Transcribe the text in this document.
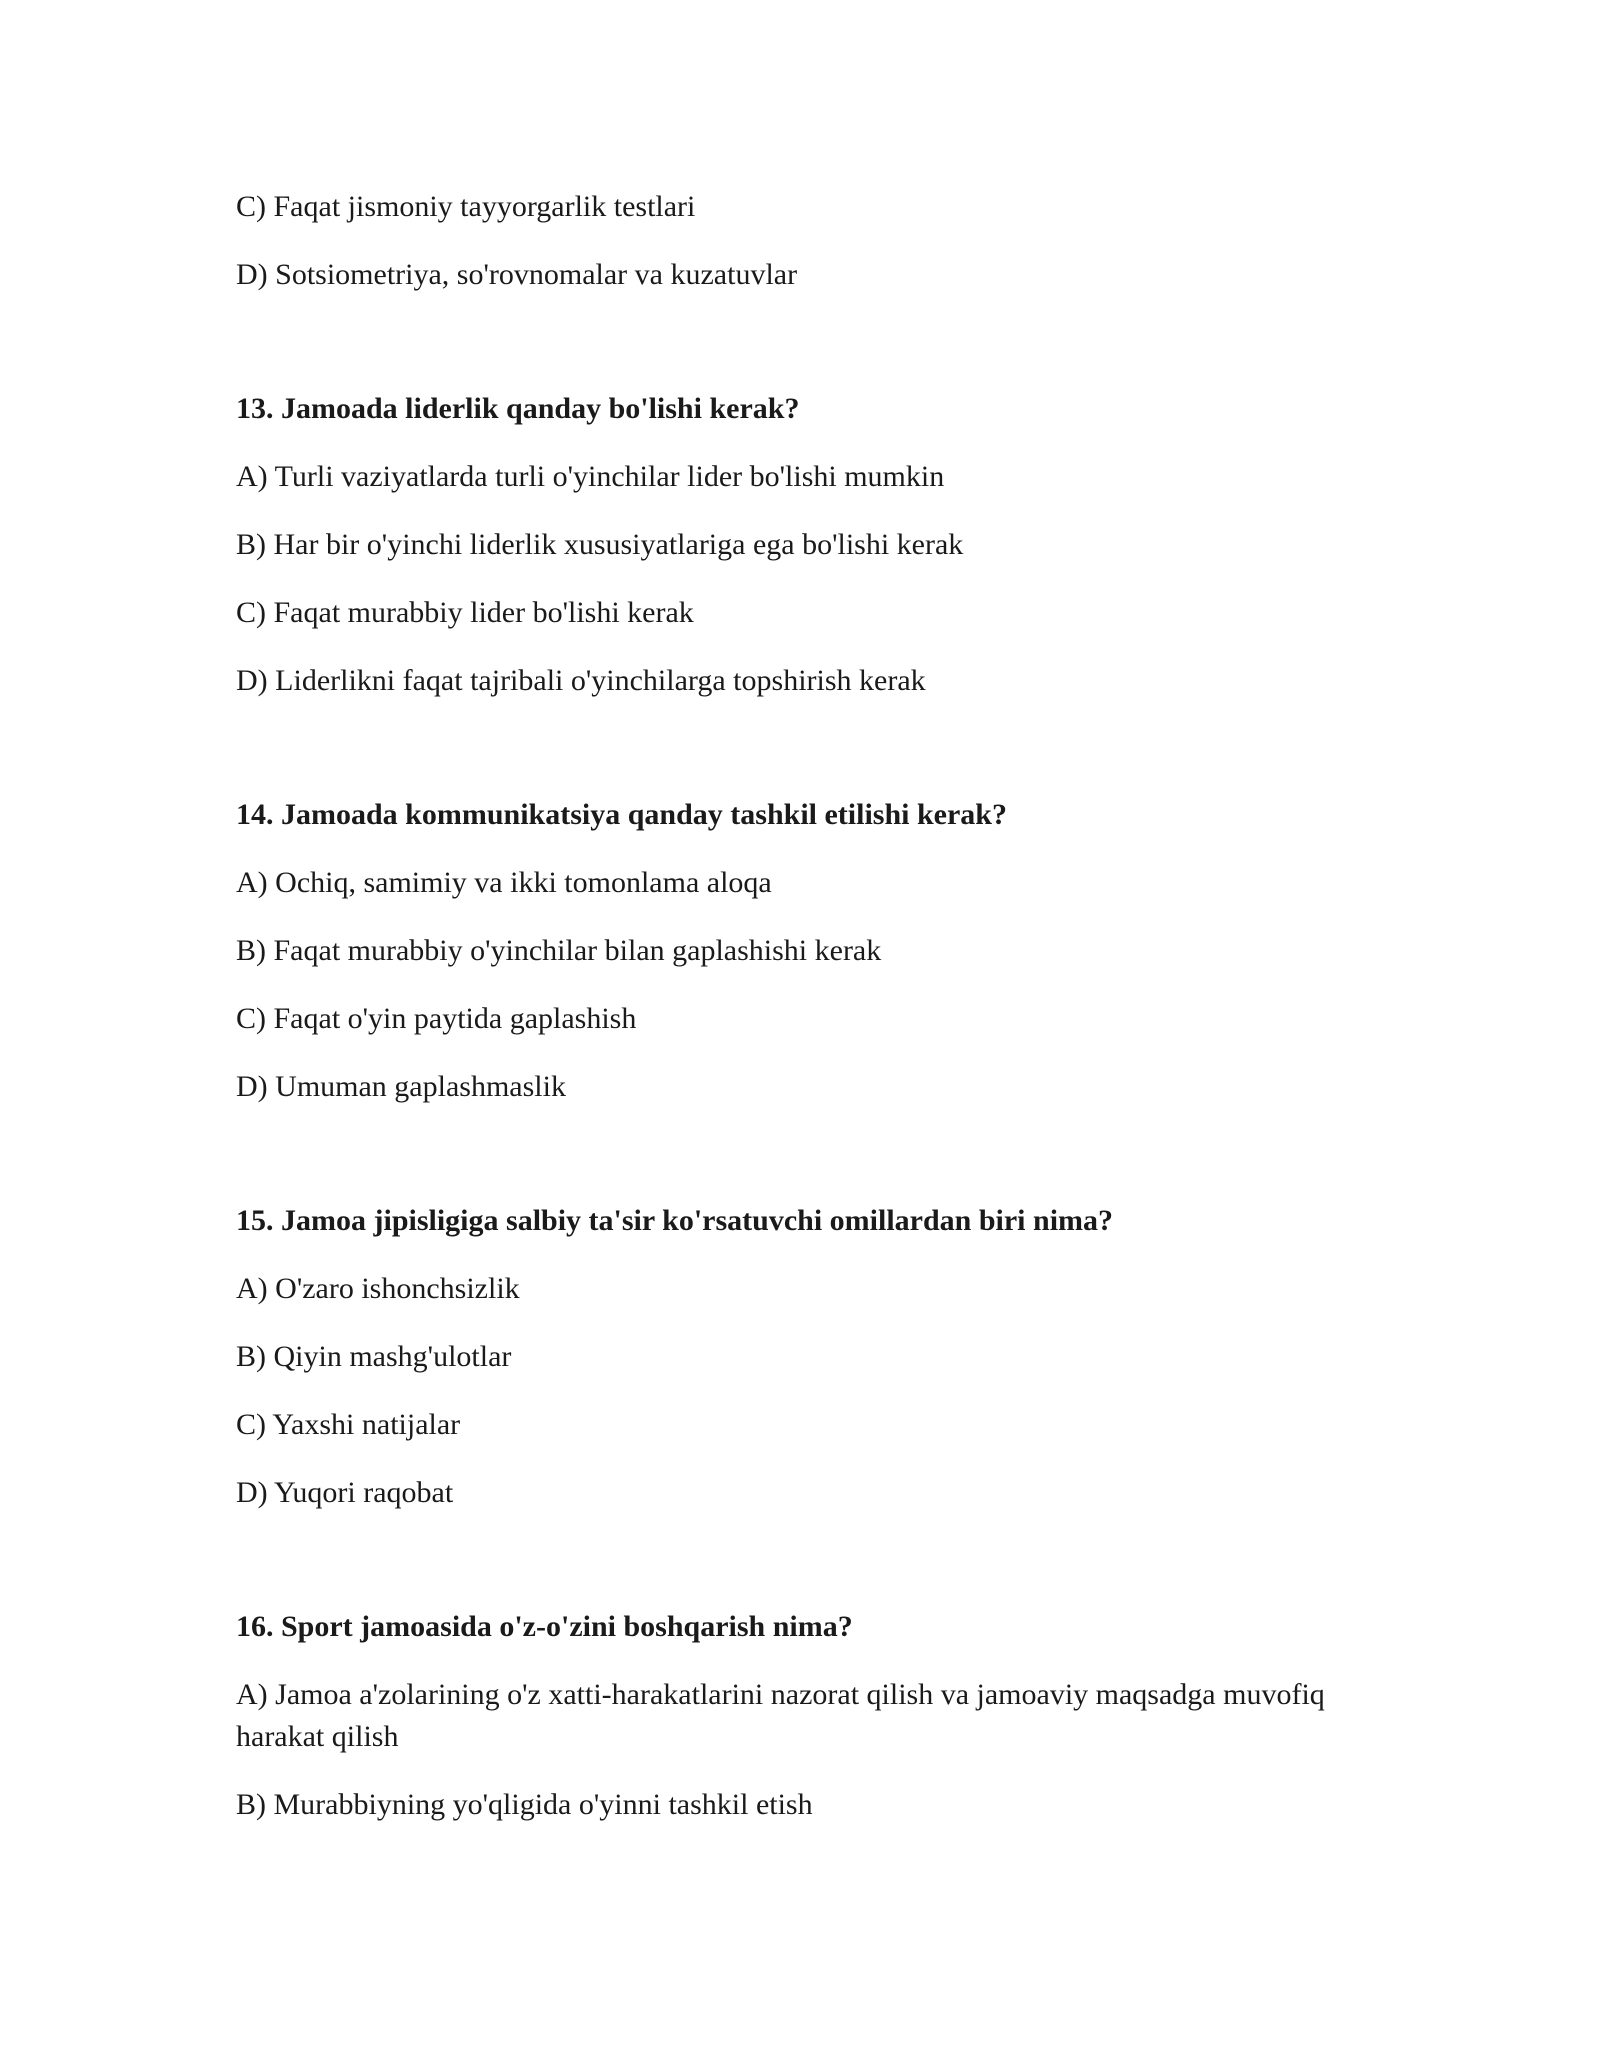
C) Faqat jismoniy tayyorgarlik testlari

D) Sotsiometriya, so'rovnomalar va kuzatuvlar

13. Jamoada liderlik qanday bo'lishi kerak?

A) Turli vaziyatlarda turli o'yinchilar lider bo'lishi mumkin

B) Har bir o'yinchi liderlik xususiyatlariga ega bo'lishi kerak

C) Faqat murabbiy lider bo'lishi kerak

D) Liderlikni faqat tajribali o'yinchilarga topshirish kerak

14. Jamoada kommunikatsiya qanday tashkil etilishi kerak?

A) Ochiq, samimiy va ikki tomonlama aloqa

B) Faqat murabbiy o'yinchilar bilan gaplashishi kerak

C) Faqat o'yin paytida gaplashish

D) Umuman gaplashmaslik

15. Jamoa jipisligiga salbiy ta'sir ko'rsatuvchi omillardan biri nima?

A) O'zaro ishonchsizlik

B) Qiyin mashg'ulotlar

C) Yaxshi natijalar

D) Yuqori raqobat

16. Sport jamoasida o'z-o'zini boshqarish nima?

A) Jamoa a'zolarining o'z xatti-harakatlarini nazorat qilish va jamoaviy maqsadga muvofiq harakat qilish

B) Murabbiyning yo'qligida o'yinni tashkil etish
